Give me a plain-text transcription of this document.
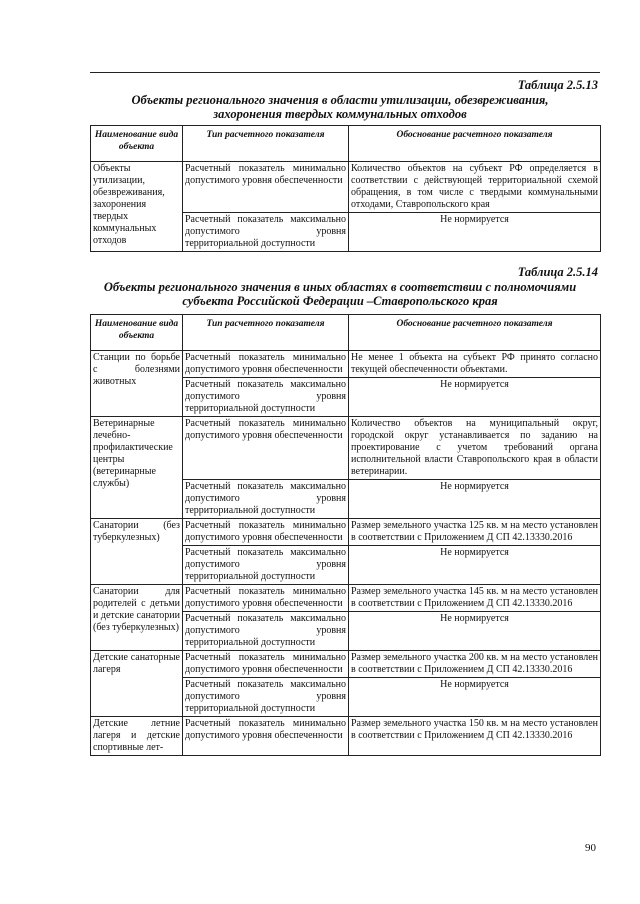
Таблица 2.5.13
Объекты регионального значения в области утилизации, обезвреживания,
захоронения твердых коммунальных отходов
Наименование вида объекта	Тип расчетного показателя	Обоснование расчетного показателя
Объекты утилизации, обезвреживания, захоронения твердых коммунальных отходов	Расчетный показатель минимально допустимого уровня обеспеченности	Количество объектов на субъект РФ определяется в соответствии с действующей территориальной схемой обращения, в том числе с твердыми коммунальными отходами, Ставропольского края
	Расчетный показатель максимально допустимого уровня территориальной доступности	Не нормируется
Таблица 2.5.14
Объекты регионального значения в иных областях в соответствии с полномочиями
субъекта Российской Федерации –Ставропольского края
Наименование вида объекта	Тип расчетного показателя	Обоснование расчетного показателя
Станции по борьбе с болезнями животных	Расчетный показатель минимально допустимого уровня обеспеченности	Не менее 1 объекта на субъект РФ принято согласно текущей обеспеченности объектами.
	Расчетный показатель максимально допустимого уровня территориальной доступности	Не нормируется
Ветеринарные лечебно-профилактические центры (ветеринарные службы)	Расчетный показатель минимально допустимого уровня обеспеченности	Количество объектов на муниципальный округ, городской округ устанавливается по заданию на проектирование с учетом требований органа исполнительной власти Ставропольского края в области ветеринарии.
	Расчетный показатель максимально допустимого уровня территориальной доступности	Не нормируется
Санатории (без туберкулезных)	Расчетный показатель минимально допустимого уровня обеспеченности	Размер земельного участка 125 кв. м на место установлен в соответствии с Приложением Д СП 42.13330.2016
	Расчетный показатель максимально допустимого уровня территориальной доступности	Не нормируется
Санатории для родителей с детьми и детские санатории (без туберкулезных)	Расчетный показатель минимально допустимого уровня обеспеченности	Размер земельного участка 145 кв. м на место установлен в соответствии с Приложением Д СП 42.13330.2016
	Расчетный показатель максимально допустимого уровня территориальной доступности	Не нормируется
Детские санаторные лагеря	Расчетный показатель минимально допустимого уровня обеспеченности	Размер земельного участка 200 кв. м на место установлен в соответствии с Приложением Д СП 42.13330.2016
	Расчетный показатель максимально допустимого уровня территориальной доступности	Не нормируется
Детские летние лагеря и детские спортивные лет-	Расчетный показатель минимально допустимого уровня обеспеченности	Размер земельного участка 150 кв. м на место установлен в соответствии с Приложением Д СП 42.13330.2016
90
